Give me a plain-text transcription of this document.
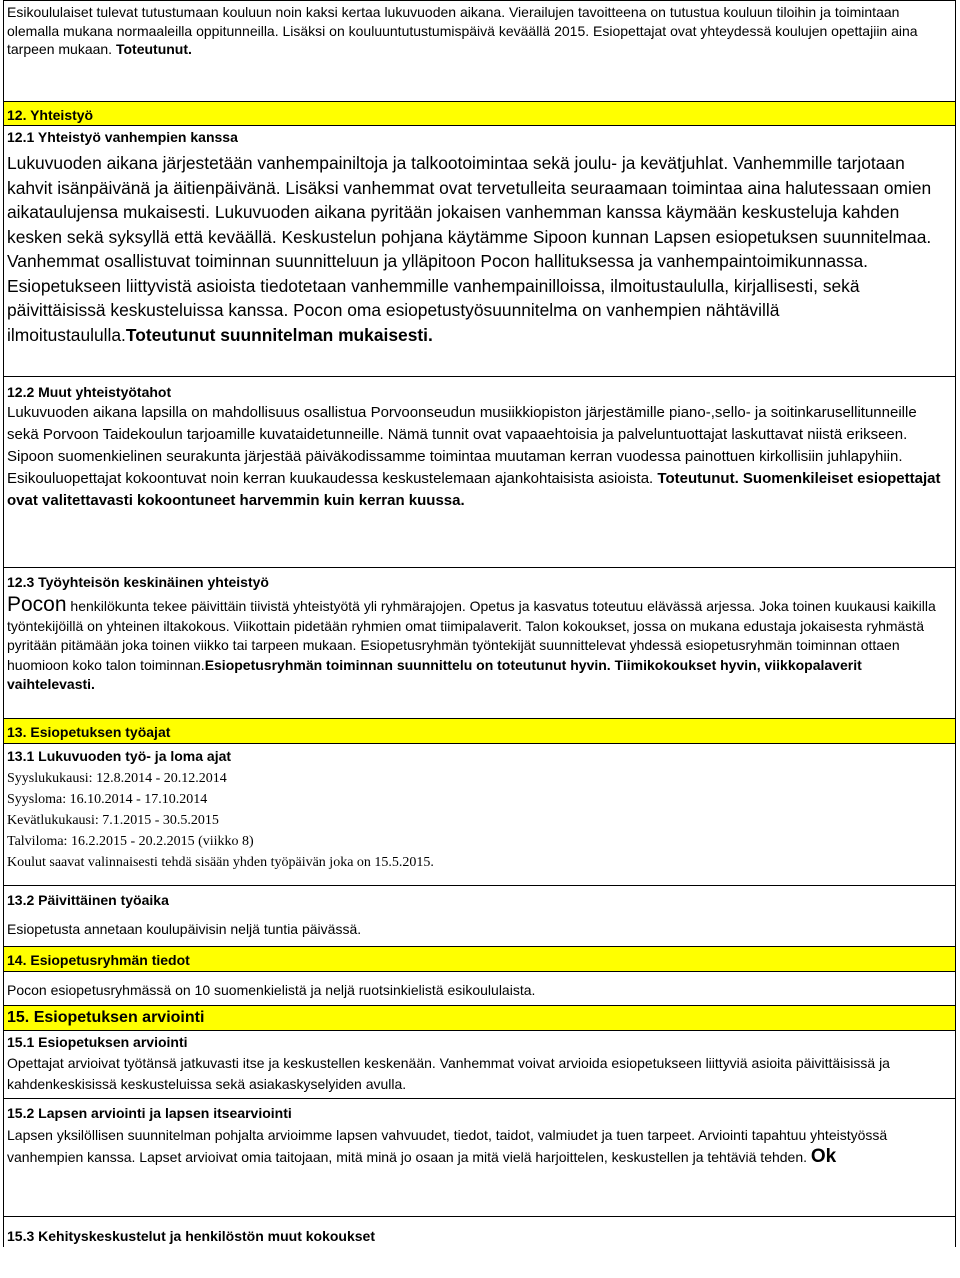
Esikoululaiset tulevat tutustumaan kouluun noin kaksi kertaa lukuvuoden aikana. Vierailujen tavoitteena on tutustua kouluun tiloihin ja toimintaan olemalla mukana normaaleilla oppitunneilla. Lisäksi on kouluuntutustumispäivä keväällä 2015. Esiopettajat ovat yhteydessä koulujen opettajiin aina tarpeen mukaan. Toteutunut.
12. Yhteistyö
12.1 Yhteistyö vanhempien kanssa

Lukuvuoden aikana järjestetään vanhempainiltoja ja talkootoimintaa sekä joulu- ja kevätjuhlat. Vanhemmille tarjotaan kahvit isänpäivänä ja äitienpäivänä. Lisäksi vanhemmat ovat tervetulleita seuraamaan toimintaa aina halutessaan omien aikataulujensa mukaisesti. Lukuvuoden aikana pyritään jokaisen vanhemman kanssa käymään keskusteluja kahden kesken sekä syksyllä että keväällä. Keskustelun pohjana käytämme Sipoon kunnan Lapsen esiopetuksen suunnitelmaa. Vanhemmat osallistuvat toiminnan suunnitteluun ja ylläpitoon Pocon hallituksessa ja vanhempaintoimikunnassa.

Esiopetukseen liittyvistä asioista tiedotetaan vanhemmille vanhempainilloissa, ilmoitustaululla, kirjallisesti, sekä päivittäisissä keskusteluissa kanssa. Pocon oma esiopetustyösuunnitelma on vanhempien nähtävillä ilmoitustaululla.Toteutunut suunnitelman mukaisesti.

12.2 Muut yhteistyötahot

Lukuvuoden aikana lapsilla on mahdollisuus osallistua Porvoonseudun musiikkiopiston järjestämille piano-,sello- ja soitinkarusellitunneille sekä Porvoon Taidekoulun tarjoamille kuvataidetunneille. Nämä tunnit ovat vapaaehtoisia ja palveluntuottajat laskuttavat niistä erikseen.

Sipoon suomenkielinen seurakunta järjestää päiväkodissamme toimintaa muutaman kerran vuodessa painottuen kirkollisiin juhlapyhiin. Esikouluopettajat kokoontuvat noin kerran kuukaudessa keskustelemaan ajankohtaisista asioista. Toteutunut. Suomenkileiset esiopettajat ovat valitettavasti kokoontuneet harvemmin kuin kerran kuussa.

12.3 Työyhteisön keskinäinen yhteistyö

Pocon henkilökunta tekee päivittäin tiivistä yhteistyötä yli ryhmärajojen. Opetus ja kasvatus toteutuu elävässä arjessa. Joka toinen kuukausi kaikilla työntekijöillä on yhteinen iltakokous. Viikottain pidetään ryhmien omat tiimipalaverit. Talon kokoukset, jossa on mukana edustaja jokaisesta ryhmästä pyritään pitämään joka toinen viikko tai tarpeen mukaan. Esiopetusryhmän työntekijät suunnittelevat yhdessä esiopetusryhmän toiminnan ottaen huomioon koko talon toiminnan.Esiopetusryhmän toiminnan suunnittelu on toteutunut hyvin. Tiimikokoukset hyvin, viikkopalaverit vaihtelevasti.

13. Esiopetuksen työajat
13.1 Lukuvuoden työ- ja loma ajat
Syyslukukausi: 12.8.2014 - 20.12.2014
Syysloma: 16.10.2014 - 17.10.2014
Kevätlukukausi: 7.1.2015 - 30.5.2015
Talviloma: 16.2.2015 - 20.2.2015 (viikko 8)
Koulut saavat valinnaisesti tehdä sisään yhden työpäivän joka on 15.5.2015.
13.2 Päivittäinen työaika
Esiopetusta annetaan koulupäivisin neljä tuntia päivässä.
14. Esiopetusryhmän tiedot
Pocon esiopetusryhmässä on 10 suomenkielistä ja neljä ruotsinkielistä esikoululaista.
15. Esiopetuksen arviointi
15.1 Esiopetuksen arviointi
Opettajat arvioivat työtänsä jatkuvasti itse ja keskustellen keskenään. Vanhemmat voivat arvioida esiopetukseen liittyviä asioita päivittäisissä ja kahdenkeskisissä keskusteluissa sekä asiakaskyselyiden avulla.
15.2 Lapsen arviointi ja lapsen itsearviointi
Lapsen yksilöllisen suunnitelman pohjalta arvioimme lapsen vahvuudet, tiedot, taidot, valmiudet ja tuen tarpeet. Arviointi tapahtuu yhteistyössä vanhempien kanssa. Lapset arvioivat omia taitojaan, mitä minä jo osaan ja mitä vielä harjoittelen, keskustellen ja tehtäviä tehden. Ok
15.3 Kehityskeskustelut ja henkilöstön muut kokoukset
